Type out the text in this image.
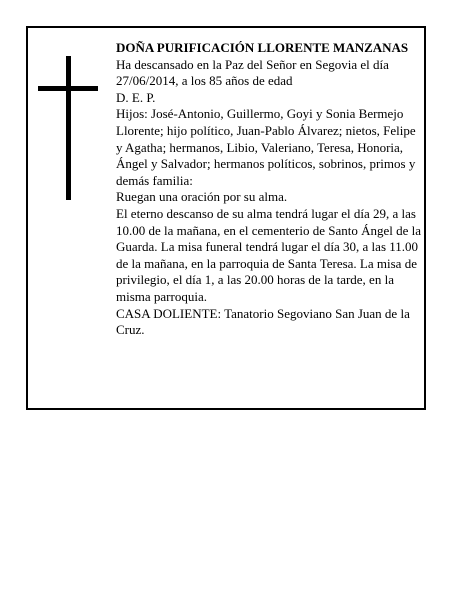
DOÑA PURIFICACIÓN LLORENTE MANZANAS

Ha descansado en la Paz del Señor en Segovia el día 27/06/2014, a los 85 años de edad

D. E. P.

Hijos: José-Antonio, Guillermo, Goyi y Sonia Bermejo Llorente; hijo político, Juan-Pablo Álvarez; nietos, Felipe y Agatha; hermanos, Libio, Valeriano, Teresa, Honoria, Ángel y Salvador; hermanos políticos, sobrinos, primos y demás familia:

Ruegan una oración por su alma.

El eterno descanso de su alma tendrá lugar el día 29, a las 10.00 de la mañana, en el cementerio de Santo Ángel de la Guarda. La misa funeral tendrá lugar el día 30, a las 11.00 de la mañana, en la parroquia de Santa Teresa. La misa de privilegio, el día 1, a las 20.00 horas de la tarde, en la misma parroquia.

CASA DOLIENTE: Tanatorio Segoviano San Juan de la Cruz.
